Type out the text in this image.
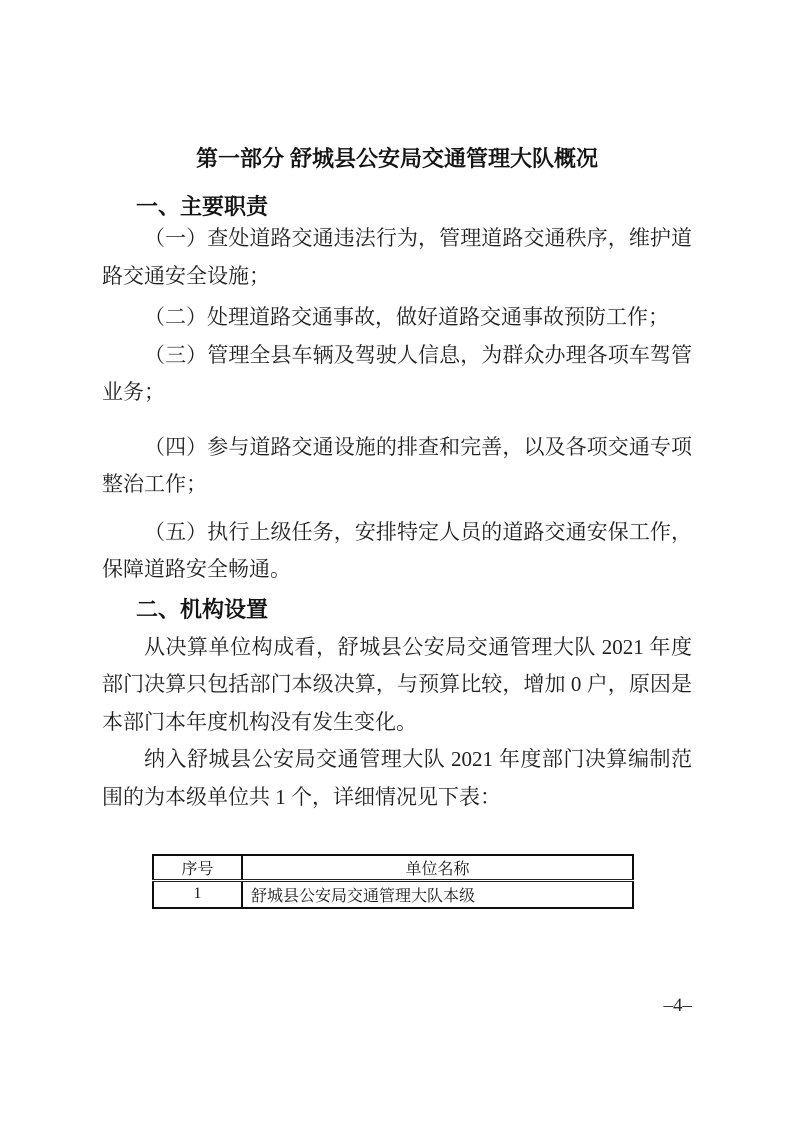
第一部分 舒城县公安局交通管理大队概况
一、主要职责

（一）查处道路交通违法行为，管理道路交通秩序，维护道路交通安全设施；

（二）处理道路交通事故，做好道路交通事故预防工作；

（三）管理全县车辆及驾驶人信息，为群众办理各项车驾管业务；

（四）参与道路交通设施的排查和完善，以及各项交通专项整治工作；

（五）执行上级任务，安排特定人员的道路交通安保工作，保障道路安全畅通。

二、机构设置

从决算单位构成看，舒城县公安局交通管理大队 2021 年度部门决算只包括部门本级决算，与预算比较，增加 0 户，原因是本部门本年度机构没有发生变化。

纳入舒城县公安局交通管理大队 2021 年度部门决算编制范围的为本级单位共 1 个，详细情况见下表：

序号	单位名称
1	舒城县公安局交通管理大队本级
–4–
